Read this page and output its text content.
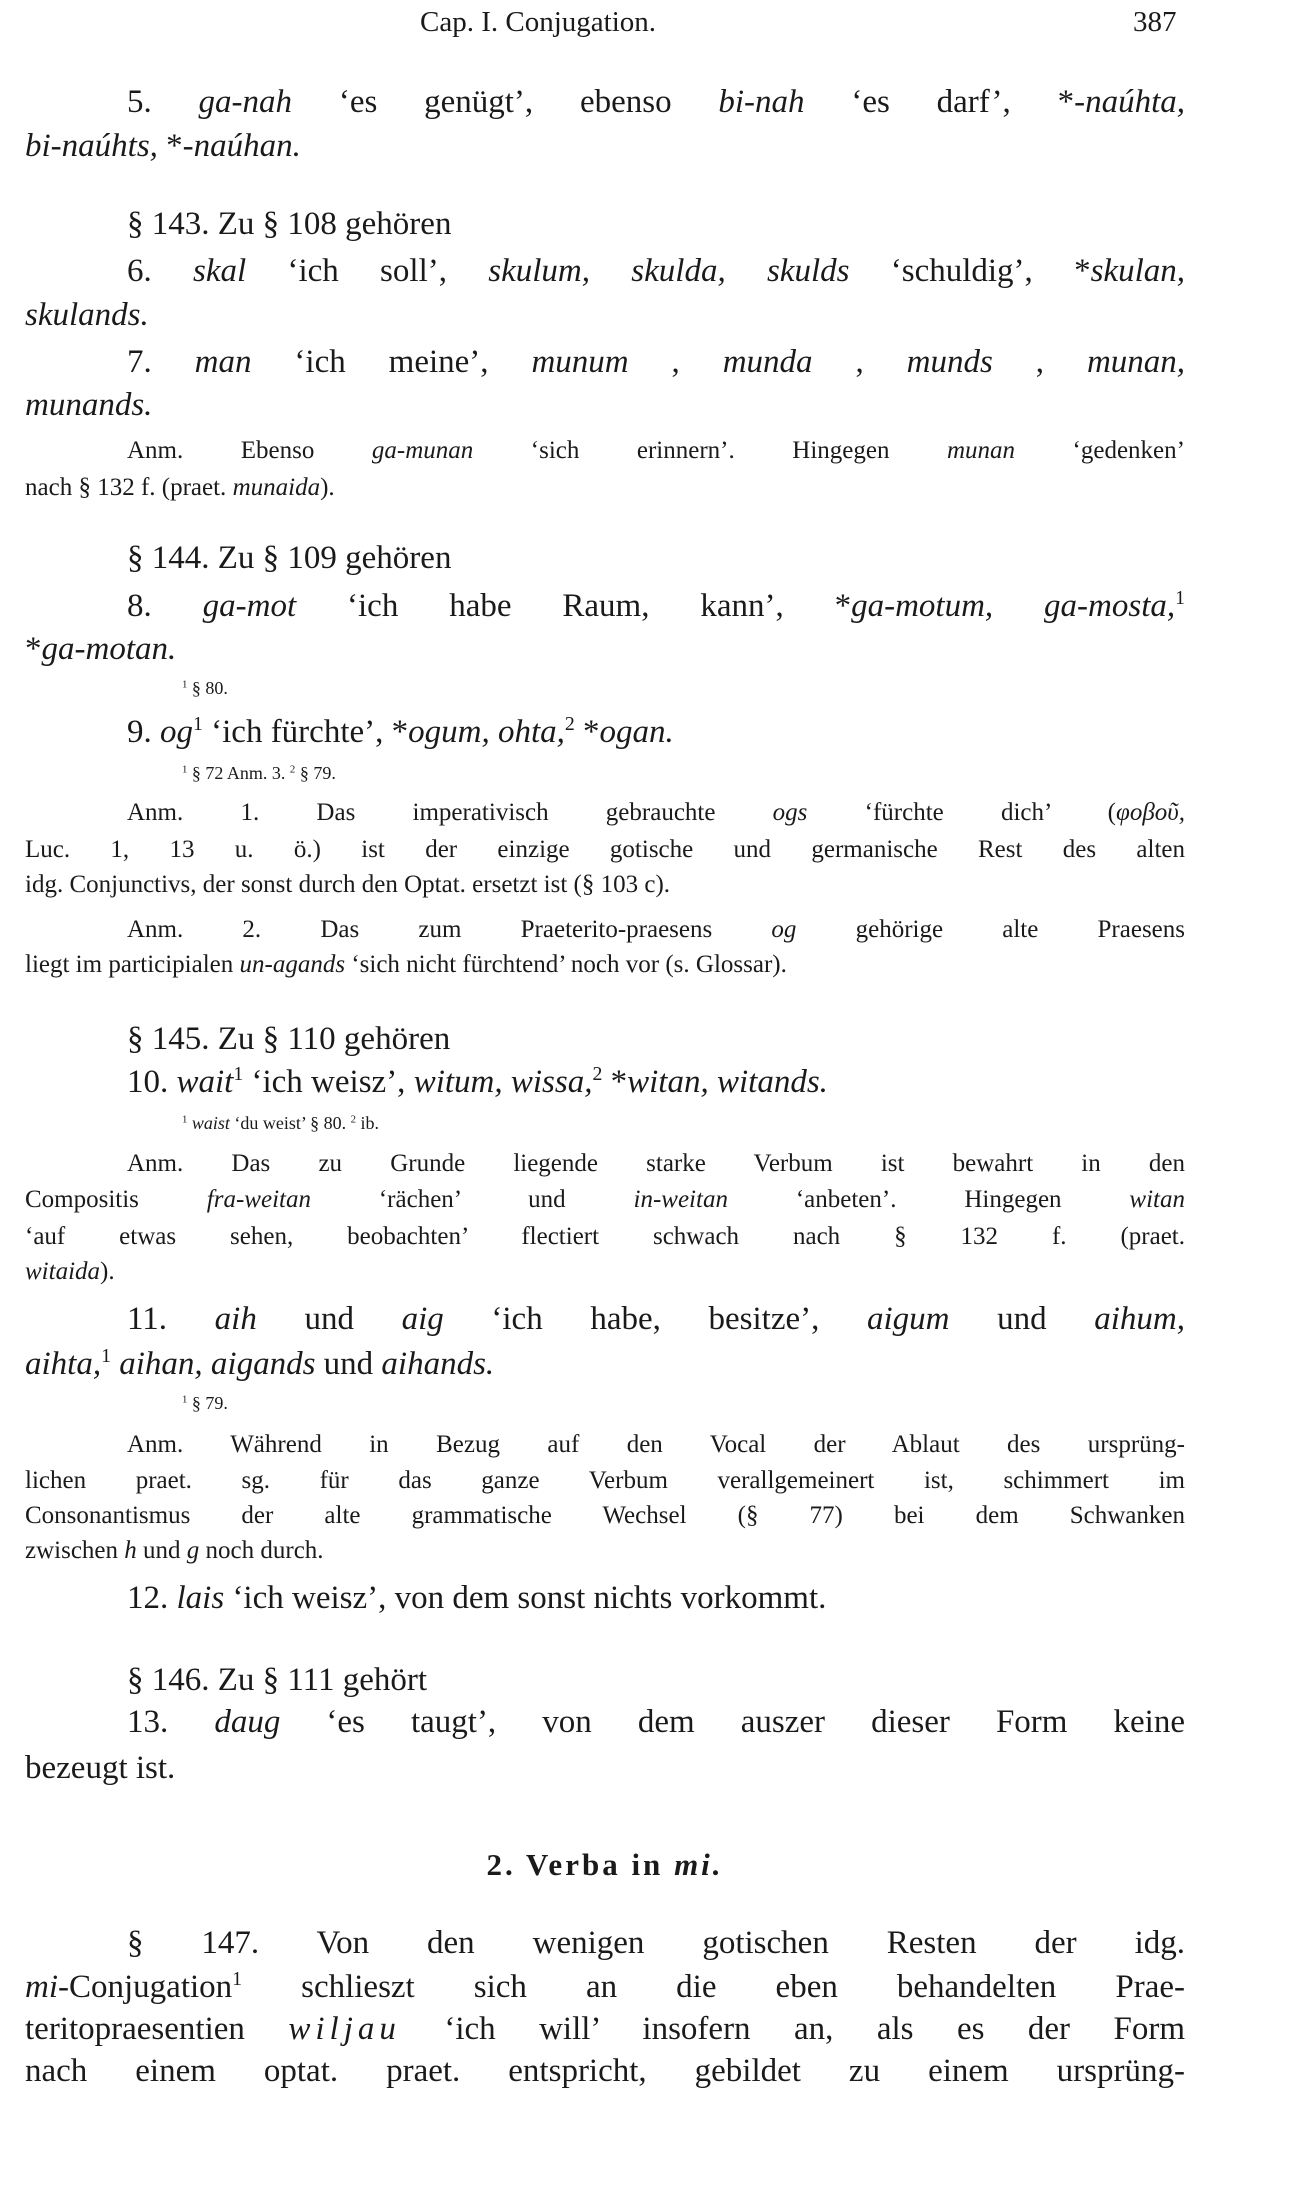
Cap. I. Conjugation.	387
5. ga-nah ‘es genügt’, ebenso bi-nah ‘es darf’, *-naúhta,
bi-naúhts, *-naúhan.
§ 143. Zu § 108 gehören
6. skal ‘ich soll’, skulum, skulda, skulds ‘schuldig’, *skulan,
skulands.
7. man ‘ich meine’, munum , munda , munds , munan,
munands.
Anm. Ebenso ga-munan ‘sich erinnern’. Hingegen munan ‘gedenken’
nach § 132 f. (praet. munaida).
§ 144. Zu § 109 gehören
8. ga-mot ‘ich habe Raum, kann’, *ga-motum, ga-mosta,$^1$
*ga-motan.
$^1$ § 80.
9. $og^1$ ‘ich fürchte’, *ogum, ohta,$^2$ *ogan.
$^1$ § 72 Anm. 3. $^2$ § 79.
Anm. 1. Das imperativisch gebrauchte ogs ‘fürchte dich’ (φοβοῦ,
Luc. 1, 13 u. ö.) ist der einzige gotische und germanische Rest des alten
idg. Conjunctivs, der sonst durch den Optat. ersetzt ist (§ 103 c).
Anm. 2. Das zum Praeterito-praesens og gehörige alte Praesens
liegt im participialen un-agands ‘sich nicht fürchtend’ noch vor (s. Glossar).
§ 145. Zu § 110 gehören
10. wait$^1$ ‘ich weisz’, witum, wissa,$^2$ *witan, witands.
$^1$ waist ‘du weist’ § 80. $^2$ ib.
Anm. Das zu Grunde liegende starke Verbum ist bewahrt in den
Compositis fra-weitan ‘rächen’ und in-weitan ‘anbeten’. Hingegen witan
‘auf etwas sehen, beobachten’ flectiert schwach nach § 132 f. (praet.
witaida).
11. aih und aig ‘ich habe, besitze’, aigum und aihum,
aihta,$^1$ aihan, aigands und aihands.
$^1$ § 79.
Anm. Während in Bezug auf den Vocal der Ablaut des ursprüng-
lichen praet. sg. für das ganze Verbum verallgemeinert ist, schimmert im
Consonantismus der alte grammatische Wechsel (§ 77) bei dem Schwanken
zwischen h und g noch durch.
12. lais ‘ich weisz’, von dem sonst nichts vorkommt.
§ 146. Zu § 111 gehört
13. daug ‘es taugt’, von dem auszer dieser Form keine
bezeugt ist.
2. Verba in mi.
§ 147. Von den wenigen gotischen Resten der idg.
mi-Conjugation$^1$ schlieszt sich an die eben behandelten Prae-
teritopraesentien wiljau ‘ich will’ insofern an, als es der Form
nach einem optat. praet. entspricht, gebildet zu einem ursprüng-
